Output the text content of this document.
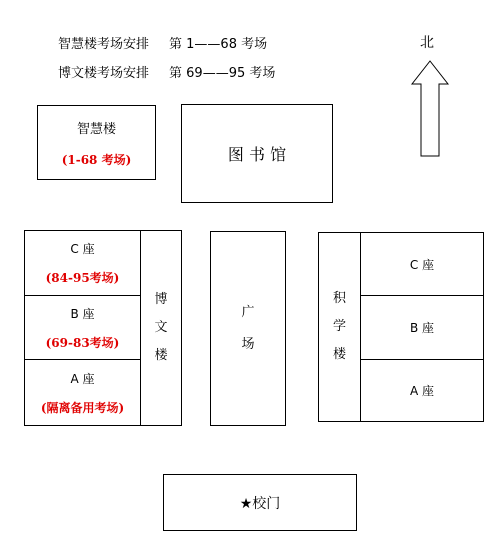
智慧楼考场安排 第 1——68 考场
博文楼考场安排 第 69——95 考场
北
智慧楼
(1-68 考场)	图 书 馆
C 座
(84-95考场)
B 座
(69-83考场)
A 座
(隔离备用考场)
博
文
楼
广
场
积
学
楼
C 座
B 座
A 座
★校门
